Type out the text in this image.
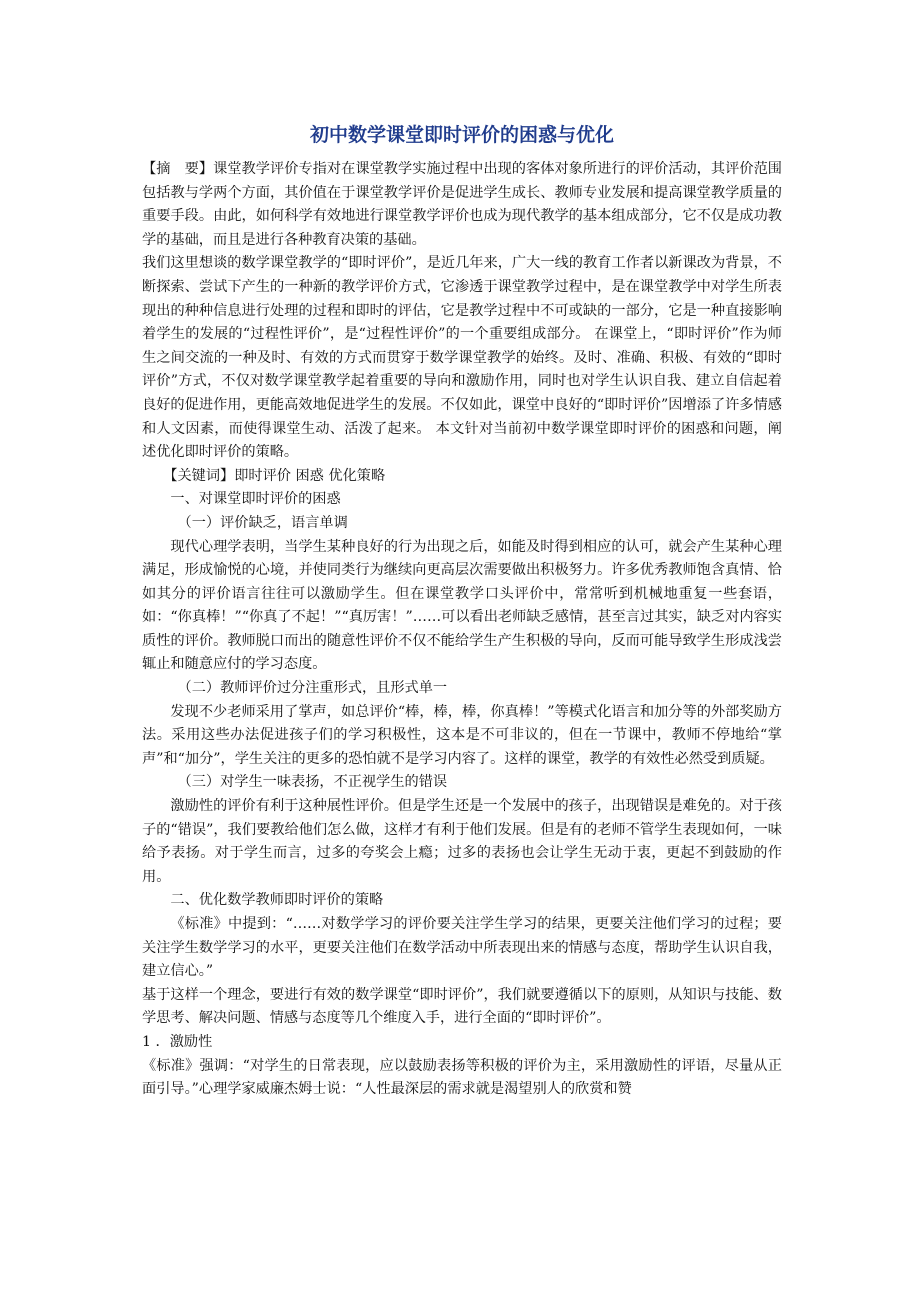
初中数学课堂即时评价的困惑与优化

【摘　要】课堂教学评价专指对在课堂教学实施过程中出现的客体对象所进行的评价活动，其评价范围包括教与学两个方面，其价值在于课堂教学评价是促进学生成长、教师专业发展和提高课堂教学质量的重要手段。由此，如何科学有效地进行课堂教学评价也成为现代教学的基本组成部分，它不仅是成功教学的基础，而且是进行各种教育决策的基础。

我们这里想谈的数学课堂教学的“即时评价”，是近几年来，广大一线的教育工作者以新课改为背景，不断探索、尝试下产生的一种新的教学评价方式，它渗透于课堂教学过程中，是在课堂教学中对学生所表现出的种种信息进行处理的过程和即时的评估，它是教学过程中不可或缺的一部分，它是一种直接影响着学生的发展的“过程性评价”，是“过程性评价”的一个重要组成部分。 在课堂上，“即时评价”作为师生之间交流的一种及时、有效的方式而贯穿于数学课堂教学的始终。及时、准确、积极、有效的“即时评价”方式，不仅对数学课堂教学起着重要的导向和激励作用，同时也对学生认识自我、建立自信起着良好的促进作用，更能高效地促进学生的发展。不仅如此，课堂中良好的“即时评价”因增添了许多情感和人文因素，而使得课堂生动、活泼了起来。 本文针对当前初中数学课堂即时评价的困惑和问题，阐述优化即时评价的策略。

【关键词】即时评价 困惑 优化策略

一、对课堂即时评价的困惑

（一）评价缺乏，语言单调

现代心理学表明，当学生某种良好的行为出现之后，如能及时得到相应的认可，就会产生某种心理满足，形成愉悦的心境，并使同类行为继续向更高层次需要做出积极努力。许多优秀教师饱含真情、恰如其分的评价语言往往可以激励学生。但在课堂教学口头评价中，常常听到机械地重复一些套语，如：“你真棒！”“你真了不起！”“真厉害！”……可以看出老师缺乏感情，甚至言过其实，缺乏对内容实质性的评价。教师脱口而出的随意性评价不仅不能给学生产生积极的导向，反而可能导致学生形成浅尝辄止和随意应付的学习态度。

（二）教师评价过分注重形式，且形式单一

发现不少老师采用了掌声，如总评价“棒，棒，棒，你真棒！”等模式化语言和加分等的外部奖励方法。采用这些办法促进孩子们的学习积极性，这本是不可非议的，但在一节课中，教师不停地给“掌声”和“加分”，学生关注的更多的恐怕就不是学习内容了。这样的课堂，教学的有效性必然受到质疑。

（三）对学生一味表扬，不正视学生的错误

激励性的评价有利于这种展性评价。但是学生还是一个发展中的孩子，出现错误是难免的。对于孩子的“错误”，我们要教给他们怎么做，这样才有利于他们发展。但是有的老师不管学生表现如何，一味给予表扬。对于学生而言，过多的夸奖会上瘾；过多的表扬也会让学生无动于衷，更起不到鼓励的作用。

二、优化数学教师即时评价的策略

《标准》中提到：“……对数学学习的评价要关注学生学习的结果，更要关注他们学习的过程；要关注学生数学学习的水平，更要关注他们在数学活动中所表现出来的情感与态度，帮助学生认识自我，建立信心。”

基于这样一个理念，要进行有效的数学课堂“即时评价”，我们就要遵循以下的原则，从知识与技能、数学思考、解决问题、情感与态度等几个维度入手，进行全面的“即时评价”。

1 ．激励性

《标准》强调：“对学生的日常表现，应以鼓励表扬等积极的评价为主，采用激励性的评语，尽量从正面引导。”心理学家威廉杰姆士说：“人性最深层的需求就是渴望别人的欣赏和赞
